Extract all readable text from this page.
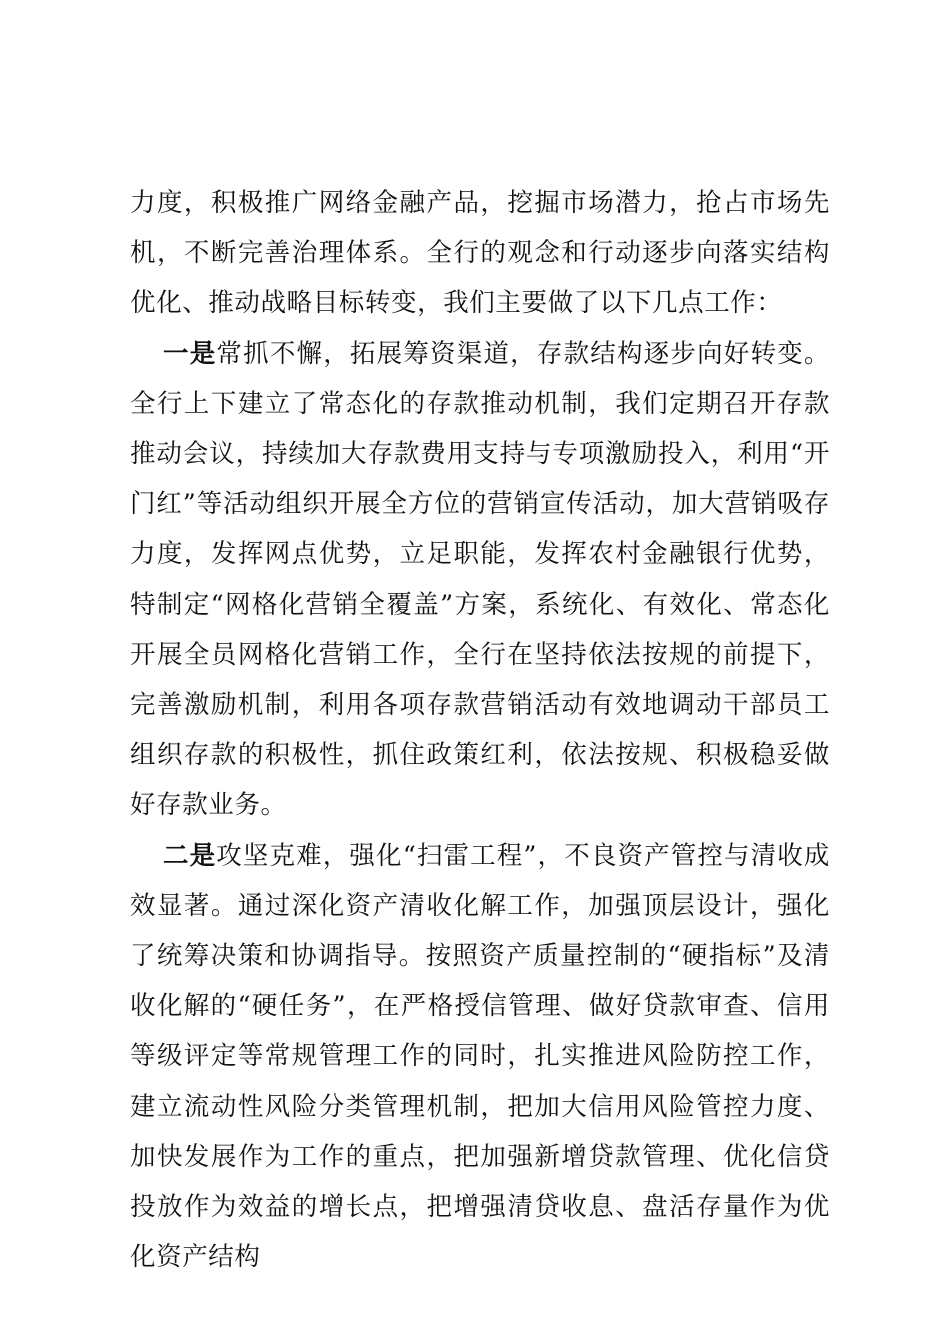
力度，积极推广网络金融产品，挖掘市场潜力，抢占市场先机，不断完善治理体系。全行的观念和行动逐步向落实结构优化、推动战略目标转变，我们主要做了以下几点工作：

一是常抓不懈，拓展筹资渠道，存款结构逐步向好转变。全行上下建立了常态化的存款推动机制，我们定期召开存款推动会议，持续加大存款费用支持与专项激励投入，利用“开门红”等活动组织开展全方位的营销宣传活动，加大营销吸存力度，发挥网点优势，立足职能，发挥农村金融银行优势，特制定“网格化营销全覆盖”方案，系统化、有效化、常态化开展全员网格化营销工作，全行在坚持依法按规的前提下，完善激励机制，利用各项存款营销活动有效地调动干部员工组织存款的积极性，抓住政策红利，依法按规、积极稳妥做好存款业务。

二是攻坚克难，强化“扫雷工程”，不良资产管控与清收成效显著。通过深化资产清收化解工作，加强顶层设计，强化了统筹决策和协调指导。按照资产质量控制的“硬指标”及清收化解的“硬任务”，在严格授信管理、做好贷款审查、信用等级评定等常规管理工作的同时，扎实推进风险防控工作，建立流动性风险分类管理机制，把加大信用风险管控力度、加快发展作为工作的重点，把加强新增贷款管理、优化信贷投放作为效益的增长点，把增强清贷收息、盘活存量作为优化资产结构
